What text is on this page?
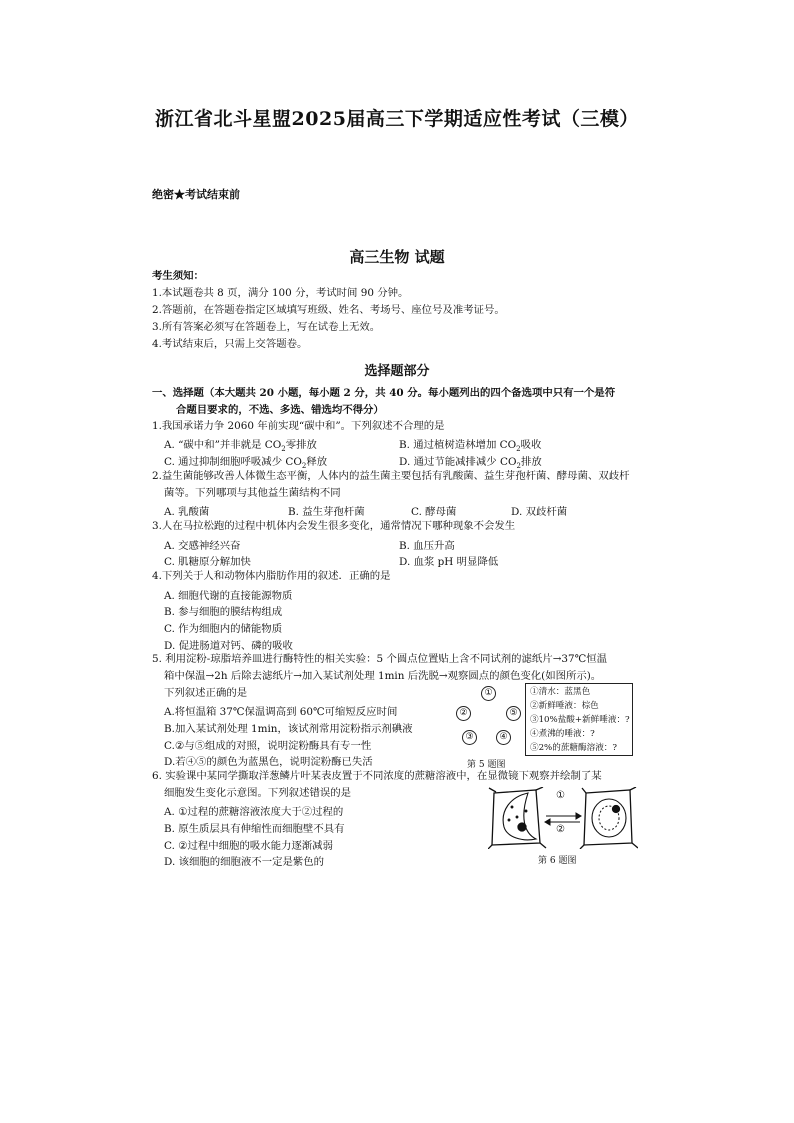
浙江省北斗星盟2025届高三下学期适应性考试（三模）
绝密★考试结束前
高三生物 试题
考生须知：
1.本试题卷共 8 页，满分 100 分，考试时间 90 分钟。
2.答题前，在答题卷指定区域填写班级、姓名、考场号、座位号及准考证号。
3.所有答案必须写在答题卷上，写在试卷上无效。
4.考试结束后，只需上交答题卷。
选择题部分
一、选择题（本大题共 20 小题，每小题 2 分，共 40 分。每小题列出的四个备选项中只有一个是符
合题目要求的，不选、多选、错选均不得分）
1.我国承诺力争 2060 年前实现“碳中和”。下列叙述不合理的是
A. “碳中和”并非就是 $CO_2$零排放	B. 通过植树造林增加 $CO_2$吸收
C. 通过抑制细胞呼吸减少 $CO_2$释放	D. 通过节能减排减少 $CO_2$排放
2.益生菌能够改善人体微生态平衡，人体内的益生菌主要包括有乳酸菌、益生芽孢杆菌、酵母菌、双歧杆
菌等。下列哪项与其他益生菌结构不同
A. 乳酸菌	B. 益生芽孢杆菌	C. 酵母菌	D. 双歧杆菌
3.人在马拉松跑的过程中机体内会发生很多变化，通常情况下哪种现象不会发生
A. 交感神经兴奋	B. 血压升高
C. 肌糖原分解加快	D. 血浆 pH 明显降低
4.下列关于人和动物体内脂肪作用的叙述．正确的是
A. 细胞代谢的直接能源物质
B. 参与细胞的膜结构组成
C. 作为细胞内的储能物质
D. 促进肠道对钙、磷的吸收
5. 利用淀粉-琼脂培养皿进行酶特性的相关实验：5 个圆点位置贴上含不同试剂的滤纸片→37℃恒温
箱中保温→2h 后除去滤纸片→加入某试剂处理 1min 后洗脱→观察圆点的颜色变化(如图所示)。
下列叙述正确的是
A.将恒温箱 37℃保温调高到 60℃可缩短反应时间
B.加入某试剂处理 1min，该试剂常用淀粉指示剂碘液
C.②与⑤组成的对照，说明淀粉酶具有专一性
D.若④⑤的颜色为蓝黑色，说明淀粉酶已失活
①
②	⑤
③	④
①清水：蓝黑色
②新鲜唾液：棕色
③10%盐酸+新鲜唾液：?
④煮沸的唾液：?
⑤2%的蔗糖酶溶液：?
第 5 题图
6. 实验课中某同学撕取洋葱鳞片叶某表皮置于不同浓度的蔗糖溶液中，在显微镜下观察并绘制了某
细胞发生变化示意图。下列叙述错误的是
A. ①过程的蔗糖溶液浓度大于②过程的
B. 原生质层具有伸缩性而细胞壁不具有
C. ②过程中细胞的吸水能力逐渐减弱
D. 该细胞的细胞液不一定是紫色的
①
②
第 6 题图
